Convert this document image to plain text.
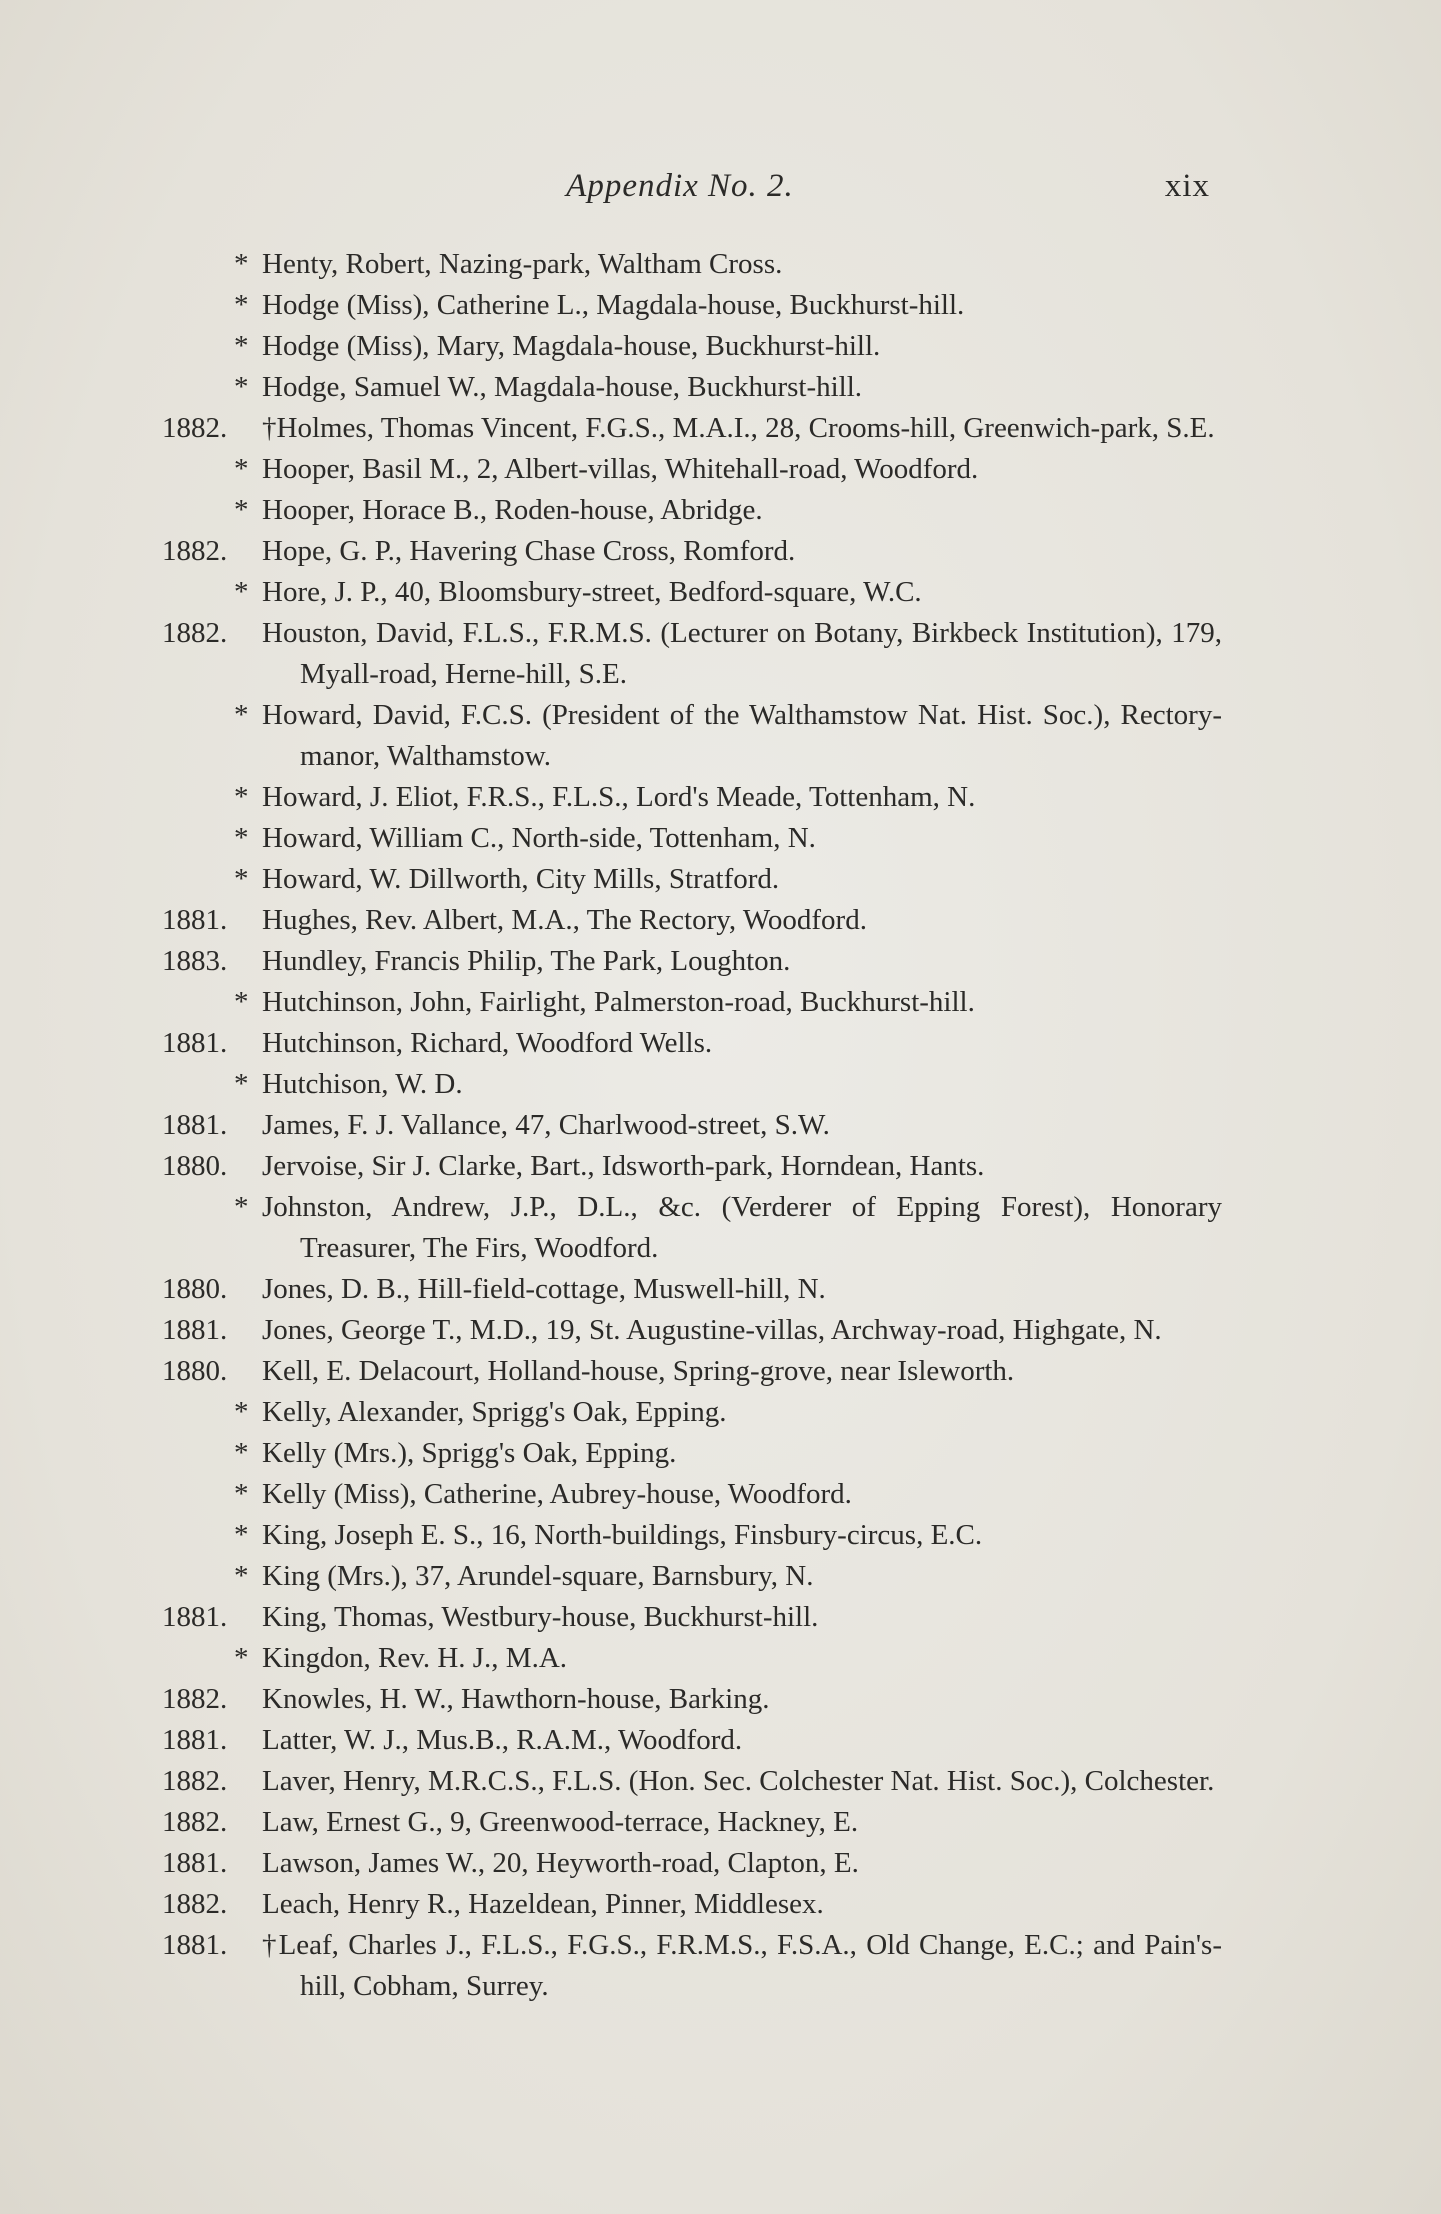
Appendix No. 2.	xix
* Henty, Robert, Nazing-park, Waltham Cross.
* Hodge (Miss), Catherine L., Magdala-house, Buckhurst-hill.
* Hodge (Miss), Mary, Magdala-house, Buckhurst-hill.
* Hodge, Samuel W., Magdala-house, Buckhurst-hill.
1882.	†Holmes, Thomas Vincent, F.G.S., M.A.I., 28, Crooms-hill, Greenwich-park, S.E.
* Hooper, Basil M., 2, Albert-villas, Whitehall-road, Woodford.
* Hooper, Horace B., Roden-house, Abridge.
1882.	Hope, G. P., Havering Chase Cross, Romford.
* Hore, J. P., 40, Bloomsbury-street, Bedford-square, W.C.
1882.	Houston, David, F.L.S., F.R.M.S. (Lecturer on Botany, Birkbeck Institution), 179, Myall-road, Herne-hill, S.E.
* Howard, David, F.C.S. (President of the Walthamstow Nat. Hist. Soc.), Rectory-manor, Walthamstow.
* Howard, J. Eliot, F.R.S., F.L.S., Lord's Meade, Tottenham, N.
* Howard, William C., North-side, Tottenham, N.
* Howard, W. Dillworth, City Mills, Stratford.
1881.	Hughes, Rev. Albert, M.A., The Rectory, Woodford.
1883.	Hundley, Francis Philip, The Park, Loughton.
* Hutchinson, John, Fairlight, Palmerston-road, Buckhurst-hill.
1881.	Hutchinson, Richard, Woodford Wells.
* Hutchison, W. D.
1881.	James, F. J. Vallance, 47, Charlwood-street, S.W.
1880.	Jervoise, Sir J. Clarke, Bart., Idsworth-park, Horndean, Hants.
* Johnston, Andrew, J.P., D.L., &c. (Verderer of Epping Forest), Honorary Treasurer, The Firs, Woodford.
1880.	Jones, D. B., Hill-field-cottage, Muswell-hill, N.
1881.	Jones, George T., M.D., 19, St. Augustine-villas, Archway-road, Highgate, N.
1880.	Kell, E. Delacourt, Holland-house, Spring-grove, near Isleworth.
* Kelly, Alexander, Sprigg's Oak, Epping.
* Kelly (Mrs.), Sprigg's Oak, Epping.
* Kelly (Miss), Catherine, Aubrey-house, Woodford.
* King, Joseph E. S., 16, North-buildings, Finsbury-circus, E.C.
* King (Mrs.), 37, Arundel-square, Barnsbury, N.
1881.	King, Thomas, Westbury-house, Buckhurst-hill.
* Kingdon, Rev. H. J., M.A.
1882.	Knowles, H. W., Hawthorn-house, Barking.
1881.	Latter, W. J., Mus.B., R.A.M., Woodford.
1882.	Laver, Henry, M.R.C.S., F.L.S. (Hon. Sec. Colchester Nat. Hist. Soc.), Colchester.
1882.	Law, Ernest G., 9, Greenwood-terrace, Hackney, E.
1881.	Lawson, James W., 20, Heyworth-road, Clapton, E.
1882.	Leach, Henry R., Hazeldean, Pinner, Middlesex.
1881.	†Leaf, Charles J., F.L.S., F.G.S., F.R.M.S., F.S.A., Old Change, E.C.; and Pain's-hill, Cobham, Surrey.
